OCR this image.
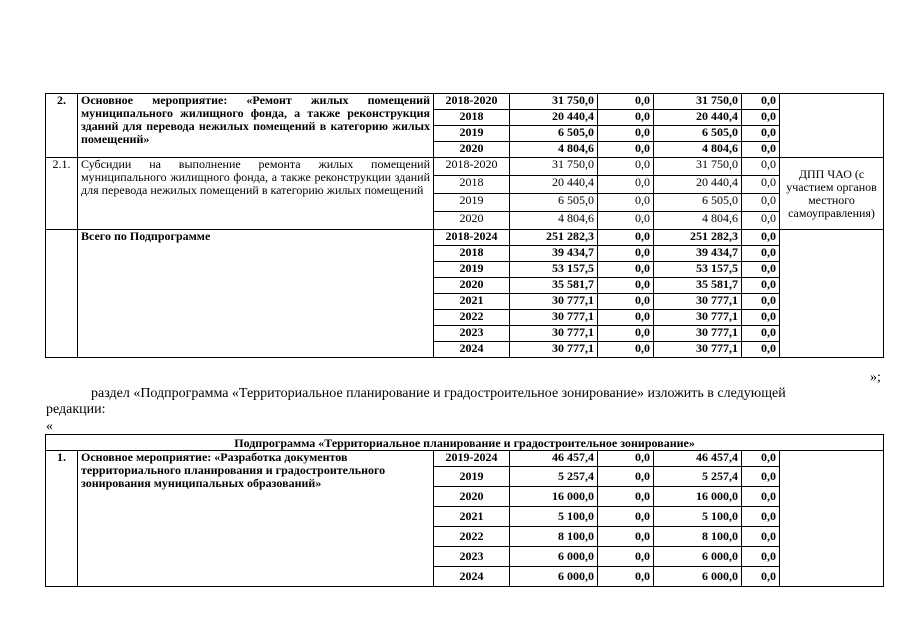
2.	Основное мероприятие: «Ремонт жилых помещений муниципального жилищного фонда, а также реконструкция зданий для перевода нежилых помещений в категорию жилых помещений»	2018-2020	31 750,0	0,0	31 750,0	0,0	
		2018	20 440,4	0,0	20 440,4	0,0	
		2019	6 505,0	0,0	6 505,0	0,0	
		2020	4 804,6	0,0	4 804,6	0,0	
2.1.	Субсидии на выполнение ремонта жилых помещений муниципального жилищного фонда, а также реконструкции зданий для перевода нежилых помещений в категорию жилых помещений	2018-2020	31 750,0	0,0	31 750,0	0,0	ДПП ЧАО (с участием органов местного самоуправления)
		2018	20 440,4	0,0	20 440,4	0,0	
		2019	6 505,0	0,0	6 505,0	0,0	
		2020	4 804,6	0,0	4 804,6	0,0	
	Всего по Подпрограмме	2018-2024	251 282,3	0,0	251 282,3	0,0	
		2018	39 434,7	0,0	39 434,7	0,0	
		2019	53 157,5	0,0	53 157,5	0,0	
		2020	35 581,7	0,0	35 581,7	0,0	
		2021	30 777,1	0,0	30 777,1	0,0	
		2022	30 777,1	0,0	30 777,1	0,0	
		2023	30 777,1	0,0	30 777,1	0,0	
		2024	30 777,1	0,0	30 777,1	0,0	
»;
раздел «Подпрограмма «Территориальное планирование и градостроительное зонирование» изложить в следующей
редакции:
«
Подпрограмма «Территориальное планирование и градостроительное зонирование»							
1.	Основное мероприятие: «Разработка документов территориального планирования и градостроительного зонирования муниципальных образований»	2019-2024	46 457,4	0,0	46 457,4	0,0	
		2019	5 257,4	0,0	5 257,4	0,0	
		2020	16 000,0	0,0	16 000,0	0,0	
		2021	5 100,0	0,0	5 100,0	0,0	
		2022	8 100,0	0,0	8 100,0	0,0	
		2023	6 000,0	0,0	6 000,0	0,0	
		2024	6 000,0	0,0	6 000,0	0,0	
